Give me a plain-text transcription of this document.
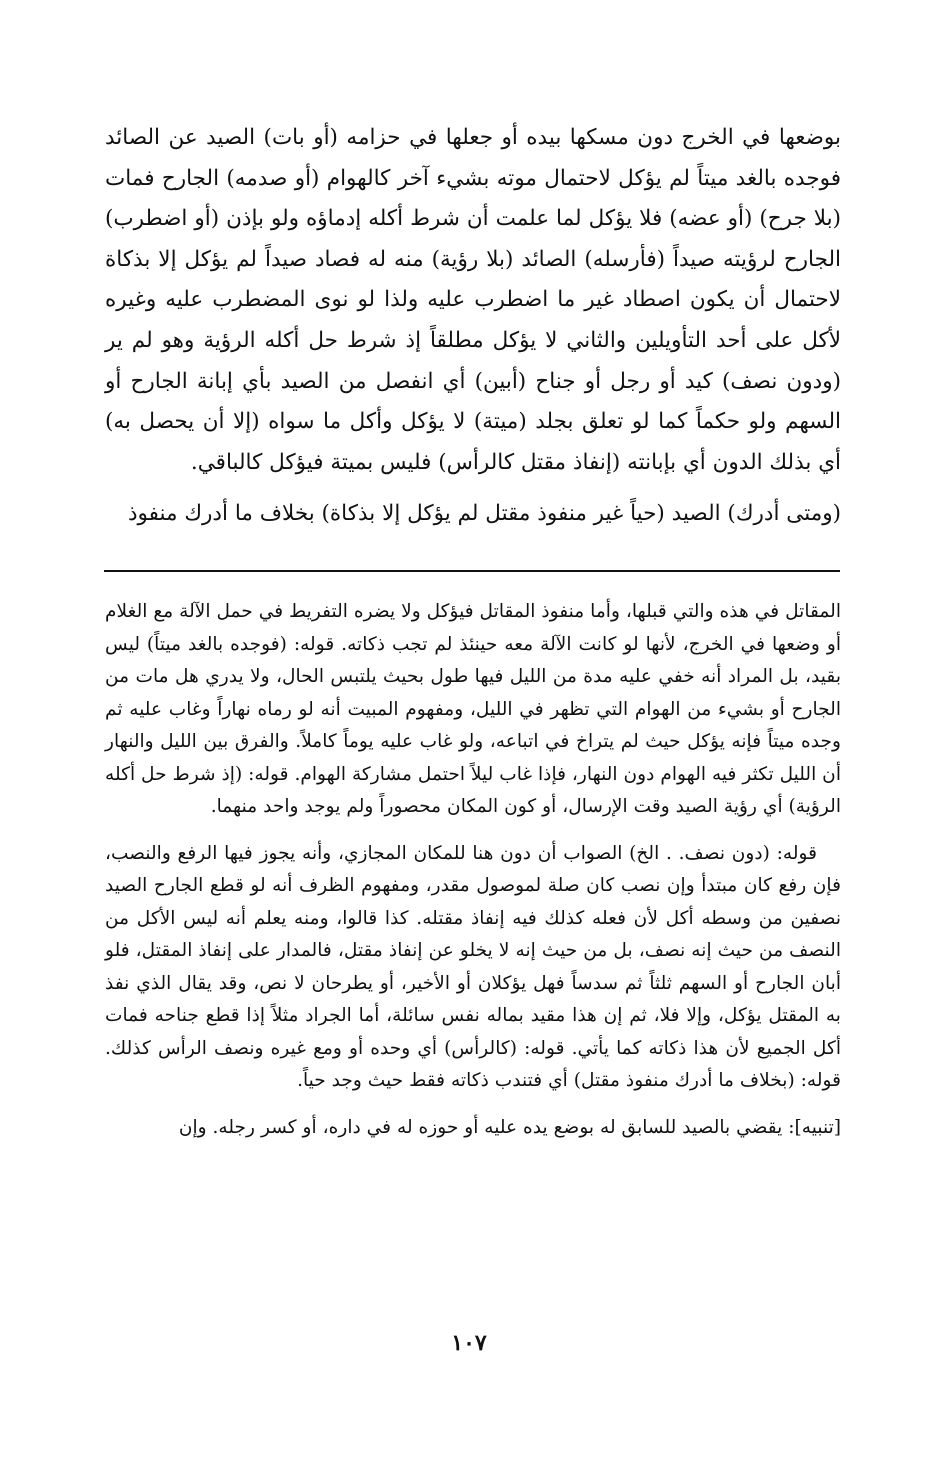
بوضعها في الخرج دون مسكها بيده أو جعلها في حزامه (أو بات) الصيد عن الصائد فوجده بالغد ميتاً لم يؤكل لاحتمال موته بشيء آخر كالهوام (أو صدمه) الجارح فمات (بلا جرح) (أو عضه) فلا يؤكل لما علمت أن شرط أكله إدماؤه ولو بإذن (أو اضطرب) الجارح لرؤيته صيداً (فأرسله) الصائد (بلا رؤية) منه له فصاد صيداً لم يؤكل إلا بذكاة لاحتمال أن يكون اصطاد غير ما اضطرب عليه ولذا لو نوى المضطرب عليه وغيره لأكل على أحد التأويلين والثاني لا يؤكل مطلقاً إذ شرط حل أكله الرؤية وهو لم ير (ودون نصف) كيد أو رجل أو جناح (أبين) أي انفصل من الصيد بأي إبانة الجارح أو السهم ولو حكماً كما لو تعلق بجلد (ميتة) لا يؤكل وأكل ما سواه (إلا أن يحصل به) أي بذلك الدون أي بإبانته (إنفاذ مقتل كالرأس) فليس بميتة فيؤكل كالباقي.

(ومتى أدرك) الصيد (حياً غير منفوذ مقتل لم يؤكل إلا بذكاة) بخلاف ما أدرك منفوذ

المقاتل في هذه والتي قبلها، وأما منفوذ المقاتل فيؤكل ولا يضره التفريط في حمل الآلة مع الغلام أو وضعها في الخرج، لأنها لو كانت الآلة معه حينئذ لم تجب ذكاته. قوله: (فوجده بالغد ميتاً) ليس بقيد، بل المراد أنه خفي عليه مدة من الليل فيها طول بحيث يلتبس الحال، ولا يدري هل مات من الجارح أو بشيء من الهوام التي تظهر في الليل، ومفهوم المبيت أنه لو رماه نهاراً وغاب عليه ثم وجده ميتاً فإنه يؤكل حيث لم يتراخ في اتباعه، ولو غاب عليه يوماً كاملاً. والفرق بين الليل والنهار أن الليل تكثر فيه الهوام دون النهار، فإذا غاب ليلاً احتمل مشاركة الهوام. قوله: (إذ شرط حل أكله الرؤية) أي رؤية الصيد وقت الإرسال، أو كون المكان محصوراً ولم يوجد واحد منهما.

قوله: (دون نصف. . الخ) الصواب أن دون هنا للمكان المجازي، وأنه يجوز فيها الرفع والنصب، فإن رفع كان مبتدأ وإن نصب كان صلة لموصول مقدر، ومفهوم الظرف أنه لو قطع الجارح الصيد نصفين من وسطه أكل لأن فعله كذلك فيه إنفاذ مقتله. كذا قالوا، ومنه يعلم أنه ليس الأكل من النصف من حيث إنه نصف، بل من حيث إنه لا يخلو عن إنفاذ مقتل، فالمدار على إنفاذ المقتل، فلو أبان الجارح أو السهم ثلثاً ثم سدساً فهل يؤكلان أو الأخير، أو يطرحان لا نص، وقد يقال الذي نفذ به المقتل يؤكل، وإلا فلا، ثم إن هذا مقيد بماله نفس سائلة، أما الجراد مثلاً إذا قطع جناحه فمات أكل الجميع لأن هذا ذكاته كما يأتي. قوله: (كالرأس) أي وحده أو ومع غيره ونصف الرأس كذلك. قوله: (بخلاف ما أدرك منفوذ مقتل) أي فتندب ذكاته فقط حيث وجد حياً.

[تنبيه]: يقضي بالصيد للسابق له بوضع يده عليه أو حوزه له في داره، أو كسر رجله. وإن

١٠٧
